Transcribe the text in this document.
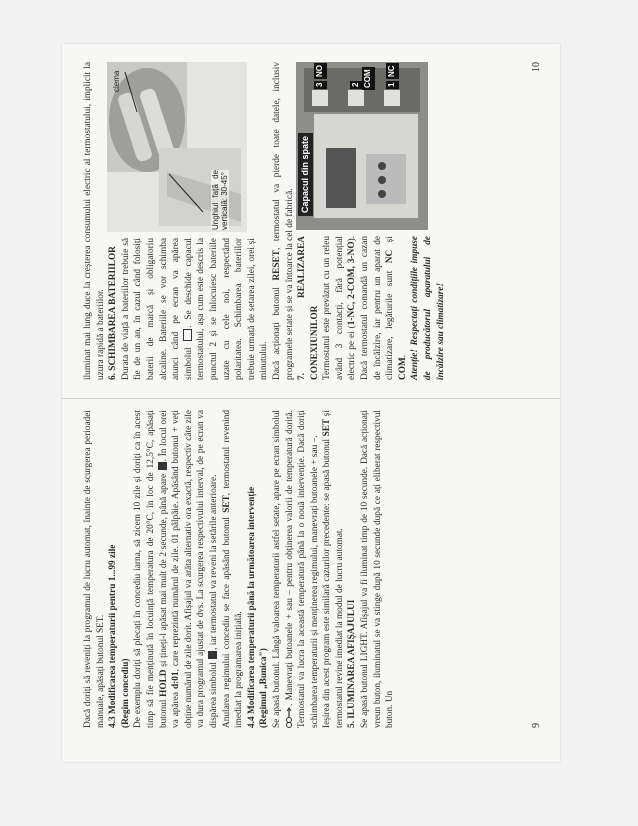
Dacă doriți să reveniți la programul de lucru automat, înainte de scurgerea perioadei manuale, apăsați butonul SET. 4.3 Modificarea temperaturii pentru 1...99 zile (Regim concediu) De exemplu doriți să plecați în concediu iarna, să zicem 10 zile și doriți ca în acest timp să fie menținută în locuință temperatura de 20°C, în loc de 12,5°C, apăsați butonul HOLD și țineți-l apăsat mai mult de 2 secunde, până apare . În locul orei va apărea d:01, care reprezintă numărul de zile. 01 pâlpâie. Apăsând butonul + veți obține numărul de zile dorit. Afișajul va arăta alternativ ora exactă, respectiv câte zile va dura programul ajustat de dvs. La scurgerea respectivului interval, de pe ecran va dispărea simbolul , iar termostatul va reveni la setările anterioare. Anularea regimului concediu se face apăsând butonul SET, termostatul revenind imediat la programarea inițială. 4.4 Modificarea temperaturii până la următoarea intervenție (Regimul „Bunica") Se apasă butonul. Lângă valoarea temperaturii astfel setate, apare pe ecran simbolul . Manevrați butoanele + sau – pentru obținerea valorii de temperatură dorită. Termostatul va lucra la această temperatură până la o nouă intervenție. Dacă doriți schimbarea temperaturii și menținerea regimului, manevrați butoanele + sau –. Ieșirea din acest program este similară cazurilor precedente: se apasă butonul SET și termostatul revine imediat la modul de lucru automat. 5. ILUMINAREA AFIȘAJULUI Se apasă butonul LIGHT. Afișajul va fi iluminat timp de 10 secunde. Dacă acționați vreun buton, iluminatul se va stinge după 10 secunde după ce ați eliberat respectivul buton. Un	9

iluminat mai lung duce la creșterea consumului electric al termostatului, implicit la uzura rapidă a bateriilor.

Unghiul față de verticală: 30-45°
clema

6. SCHIMBAREA BATERIILOR Durata de viață a bateriilor trebuie să fie de un an, în cazul când folosiți baterii de marcă și obligatoriu alcaline. Bateriile se vor schimba atunci când pe ecran va apărea simbolul . Se deschide capacul termostatului, așa cum este descris la punctul 2 și se înlocuiesc bateriile uzate cu cele noi, respectând polaritatea. Schimbarea bateriilor trebuie urmată de setarea zilei, orei și minutului. Dacă acționați butonul RESET, termostatul va pierde toate datele, inclusiv programele setate și se va întoarce la cel de fabrică.

Capacul din spate
3
NO
2 COM	1
NC

7. REALIZAREA CONEXIUNILOR Termostatul este prevăzut cu un releu având 3 contacți, fără potențial electric pe ei (1-NC, 2-COM, 3-NO). Dacă termostatul comandă un cazan de încălzire, iar pentru un aparat de climatizare, legăturile sunt NC și COM. Atenție! Respectați condițiile impuse de producătorul aparatului de încălzire sau climatizare!

10
